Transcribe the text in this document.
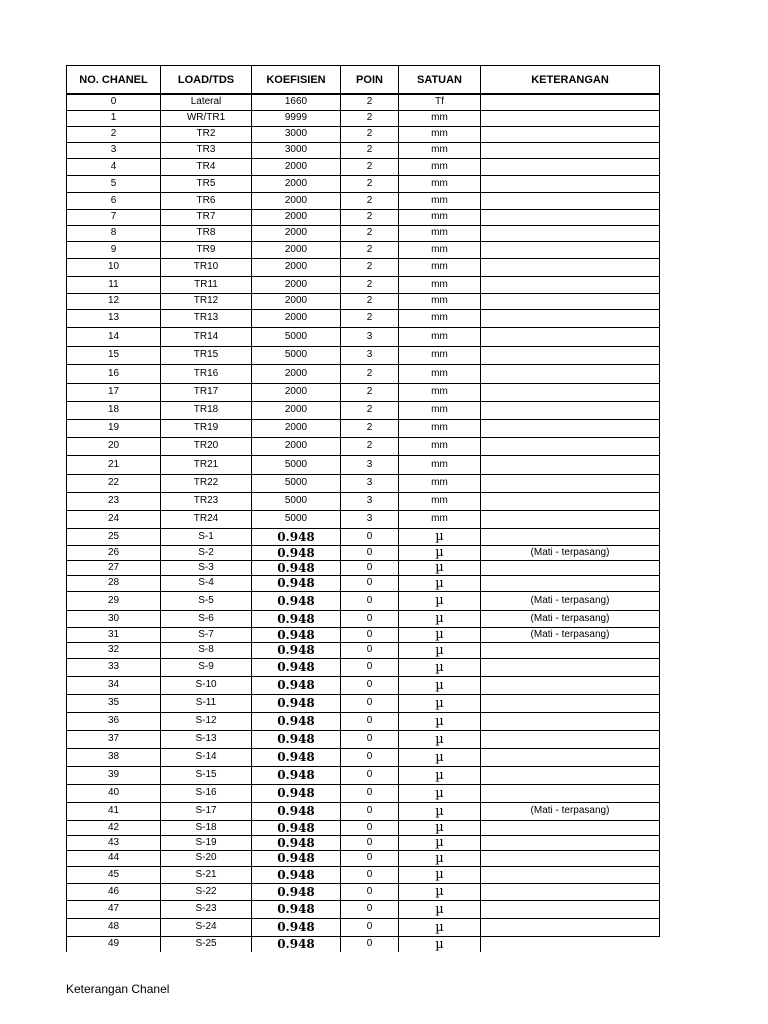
NO. CHANEL	LOAD/TDS	KOEFISIEN	POIN	SATUAN	KETERANGAN
0	Lateral	1660	2	Tf	
1	WR/TR1	9999	2	mm	
2	TR2	3000	2	mm	
3	TR3	3000	2	mm	
4	TR4	2000	2	mm	
5	TR5	2000	2	mm	
6	TR6	2000	2	mm	
7	TR7	2000	2	mm	
8	TR8	2000	2	mm	
9	TR9	2000	2	mm	
10	TR10	2000	2	mm	
11	TR11	2000	2	mm	
12	TR12	2000	2	mm	
13	TR13	2000	2	mm	
14	TR14	5000	3	mm	
15	TR15	5000	3	mm	
16	TR16	2000	2	mm	
17	TR17	2000	2	mm	
18	TR18	2000	2	mm	
19	TR19	2000	2	mm	
20	TR20	2000	2	mm	
21	TR21	5000	3	mm	
22	TR22	5000	3	mm	
23	TR23	5000	3	mm	
24	TR24	5000	3	mm	
25	S-1	0.948	0	µ	
26	S-2	0.948	0	µ	(Mati - terpasang)
27	S-3	0.948	0	µ	
28	S-4	0.948	0	µ	
29	S-5	0.948	0	µ	(Mati - terpasang)
30	S-6	0.948	0	µ	(Mati - terpasang)
31	S-7	0.948	0	µ	(Mati - terpasang)
32	S-8	0.948	0	µ	
33	S-9	0.948	0	µ	
34	S-10	0.948	0	µ	
35	S-11	0.948	0	µ	
36	S-12	0.948	0	µ	
37	S-13	0.948	0	µ	
38	S-14	0.948	0	µ	
39	S-15	0.948	0	µ	
40	S-16	0.948	0	µ	
41	S-17	0.948	0	µ	(Mati - terpasang)
42	S-18	0.948	0	µ	
43	S-19	0.948	0	µ	
44	S-20	0.948	0	µ	
45	S-21	0.948	0	µ	
46	S-22	0.948	0	µ	
47	S-23	0.948	0	µ	
48	S-24	0.948	0	µ	
49	S-25	0.948	0	µ	
Keterangan Chanel
